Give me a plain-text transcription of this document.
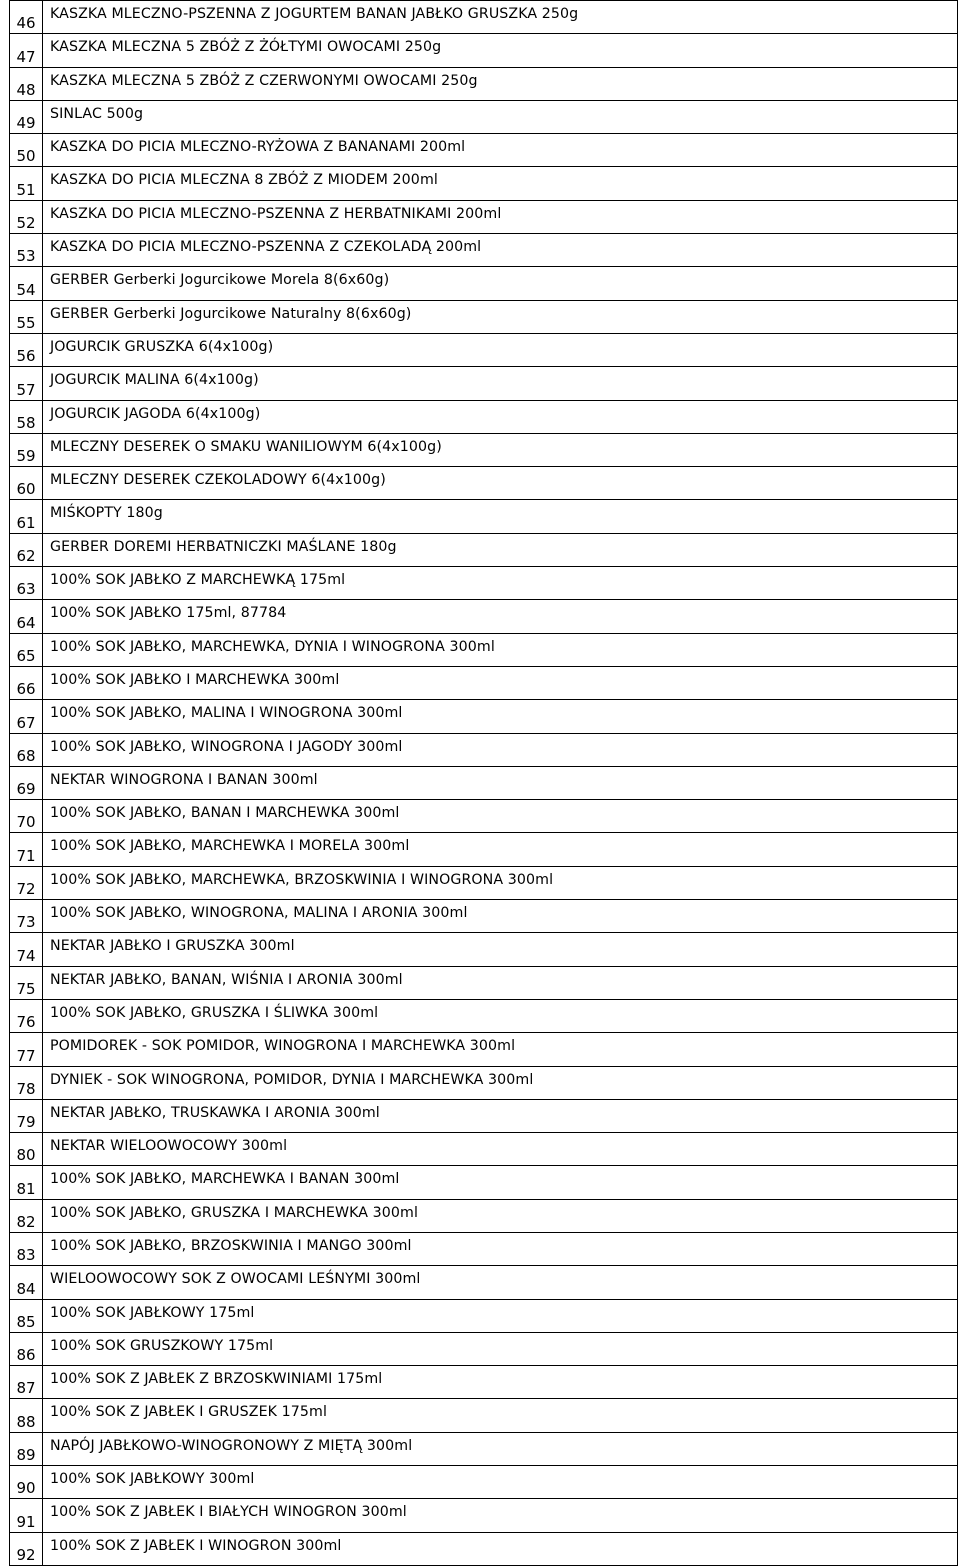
46	KASZKA MLECZNO-PSZENNA Z JOGURTEM BANAN JABŁKO GRUSZKA 250g
47	KASZKA MLECZNA 5 ZBÓŻ Z ŻÓŁTYMI OWOCAMI 250g
48	KASZKA MLECZNA 5 ZBÓŻ Z CZERWONYMI OWOCAMI 250g
49	SINLAC 500g
50	KASZKA DO PICIA MLECZNO-RYŻOWA Z BANANAMI 200ml
51	KASZKA DO PICIA MLECZNA 8 ZBÓŻ Z MIODEM 200ml
52	KASZKA DO PICIA MLECZNO-PSZENNA Z HERBATNIKAMI 200ml
53	KASZKA DO PICIA MLECZNO-PSZENNA Z CZEKOLADĄ 200ml
54	GERBER Gerberki Jogurcikowe Morela 8(6x60g)
55	GERBER Gerberki Jogurcikowe Naturalny 8(6x60g)
56	JOGURCIK GRUSZKA 6(4x100g)
57	JOGURCIK MALINA 6(4x100g)
58	JOGURCIK JAGODA 6(4x100g)
59	MLECZNY DESEREK O SMAKU WANILIOWYM 6(4x100g)
60	MLECZNY DESEREK CZEKOLADOWY 6(4x100g)
61	MIŚKOPTY 180g
62	GERBER DOREMI HERBATNICZKI MAŚLANE 180g
63	100% SOK JABŁKO Z MARCHEWKĄ 175ml
64	100% SOK JABŁKO 175ml, 87784
65	100% SOK JABŁKO, MARCHEWKA, DYNIA I WINOGRONA 300ml
66	100% SOK JABŁKO I MARCHEWKA 300ml
67	100% SOK JABŁKO, MALINA I WINOGRONA 300ml
68	100% SOK JABŁKO, WINOGRONA I JAGODY 300ml
69	NEKTAR WINOGRONA I BANAN 300ml
70	100% SOK JABŁKO, BANAN I MARCHEWKA 300ml
71	100% SOK JABŁKO, MARCHEWKA I MORELA 300ml
72	100% SOK JABŁKO, MARCHEWKA, BRZOSKWINIA I WINOGRONA 300ml
73	100% SOK JABŁKO, WINOGRONA, MALINA I ARONIA 300ml
74	NEKTAR JABŁKO I GRUSZKA 300ml
75	NEKTAR JABŁKO, BANAN, WIŚNIA I ARONIA 300ml
76	100% SOK JABŁKO, GRUSZKA I ŚLIWKA 300ml
77	POMIDOREK - SOK POMIDOR, WINOGRONA I MARCHEWKA 300ml
78	DYNIEK - SOK WINOGRONA, POMIDOR, DYNIA I MARCHEWKA 300ml
79	NEKTAR JABŁKO, TRUSKAWKA I ARONIA 300ml
80	NEKTAR WIELOOWOCOWY 300ml
81	100% SOK JABŁKO, MARCHEWKA I BANAN 300ml
82	100% SOK JABŁKO, GRUSZKA I MARCHEWKA 300ml
83	100% SOK JABŁKO, BRZOSKWINIA I MANGO 300ml
84	WIELOOWOCOWY SOK Z OWOCAMI LEŚNYMI 300ml
85	100% SOK JABŁKOWY 175ml
86	100% SOK GRUSZKOWY 175ml
87	100% SOK Z JABŁEK Z BRZOSKWINIAMI 175ml
88	100% SOK Z JABŁEK I GRUSZEK 175ml
89	NAPÓJ JABŁKOWO-WINOGRONOWY Z MIĘTĄ 300ml
90	100% SOK JABŁKOWY 300ml
91	100% SOK Z JABŁEK I BIAŁYCH WINOGRON 300ml
92	100% SOK Z JABŁEK I WINOGRON 300ml
